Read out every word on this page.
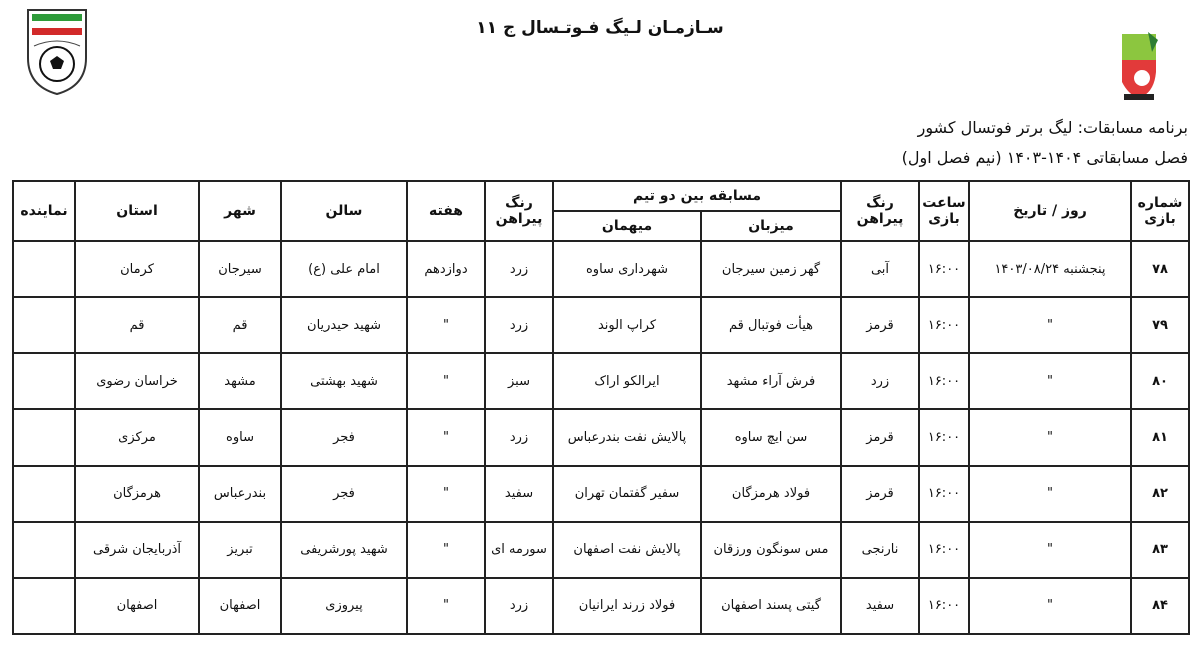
سـازمـان لـیگ فـوتـسال ج ۱۱
برنامه مسابقات: لیگ برتر فوتسال کشور
فصل مسابقاتی ۱۴۰۴-۱۴۰۳ (نیم فصل اول)
شماره بازی	روز / تاریخ	ساعت بازی	رنگ پیراهن	مسابقه بین دو تیم		رنگ پیراهن	هفته	سالن	شهر	استان	نماینده
				میزبان	میهمان						
۷۸	پنجشنبه ۱۴۰۳/۰۸/۲۴	۱۶:۰۰	آبی	گهر زمین سیرجان	شهرداری ساوه	زرد	دوازدهم	امام علی (ع)	سیرجان	کرمان	
۷۹	"	۱۶:۰۰	قرمز	هیأت فوتبال قم	کراپ الوند	زرد	"	شهید حیدریان	قم	قم	
۸۰	"	۱۶:۰۰	زرد	فرش آراء مشهد	ایرالکو اراک	سبز	"	شهید بهشتی	مشهد	خراسان رضوی	
۸۱	"	۱۶:۰۰	قرمز	سن ایچ ساوه	پالایش نفت بندرعباس	زرد	"	فجر	ساوه	مرکزی	
۸۲	"	۱۶:۰۰	قرمز	فولاد هرمزگان	سفیر گفتمان تهران	سفید	"	فجر	بندرعباس	هرمزگان	
۸۳	"	۱۶:۰۰	نارنجی	مس سونگون ورزقان	پالایش نفت اصفهان	سورمه ای	"	شهید پورشریفی	تبریز	آذربایجان شرقی	
۸۴	"	۱۶:۰۰	سفید	گیتی پسند اصفهان	فولاد زرند ایرانیان	زرد	"	پیروزی	اصفهان	اصفهان	
